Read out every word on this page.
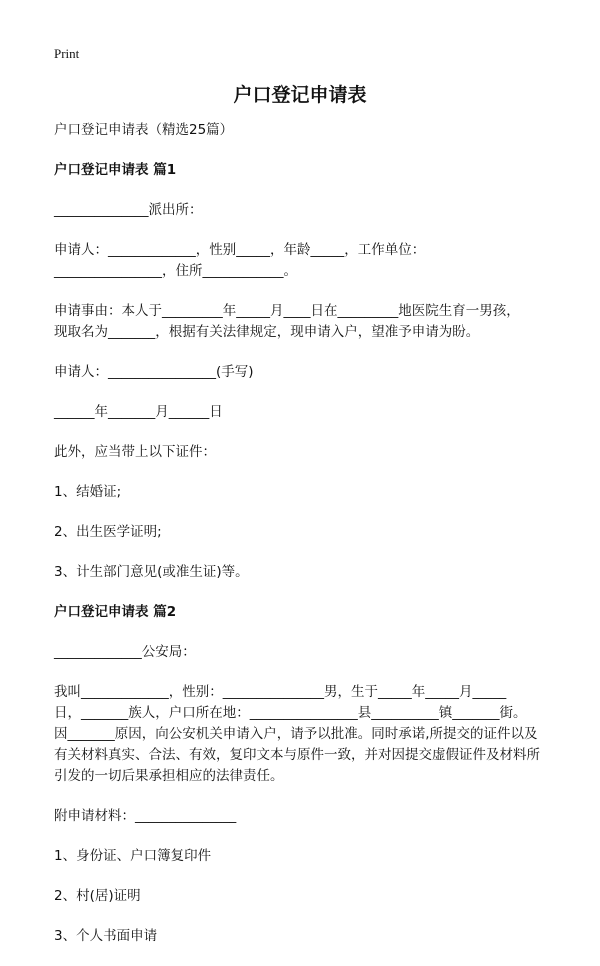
Print
户口登记申请表

户口登记申请表（精选25篇）

户口登记申请表 篇1

______________派出所：

申请人：_____________，性别_____，年龄_____，工作单位：
________________，住所____________。

申请事由：本人于_________年_____月____日在_________地医院生育一男孩，
现取名为_______，根据有关法律规定，现申请入户，望准予申请为盼。

申请人：________________(手写)

______年_______月______日

此外，应当带上以下证件：

1、结婚证;

2、出生医学证明;

3、计生部门意见(或准生证)等。

户口登记申请表 篇2

_____________公安局：

我叫_____________，性别：_______________男，生于_____年_____月_____
日，_______族人，户口所在地：________________县__________镇_______街。
因_______原因，向公安机关申请入户，请予以批准。同时承诺,所提交的证件以及
有关材料真实、合法、有效，复印文本与原件一致，并对因提交虚假证件及材料所
引发的一切后果承担相应的法律责任。

附申请材料：_______________

1、身份证、户口簿复印件

2、村(居)证明

3、个人书面申请
